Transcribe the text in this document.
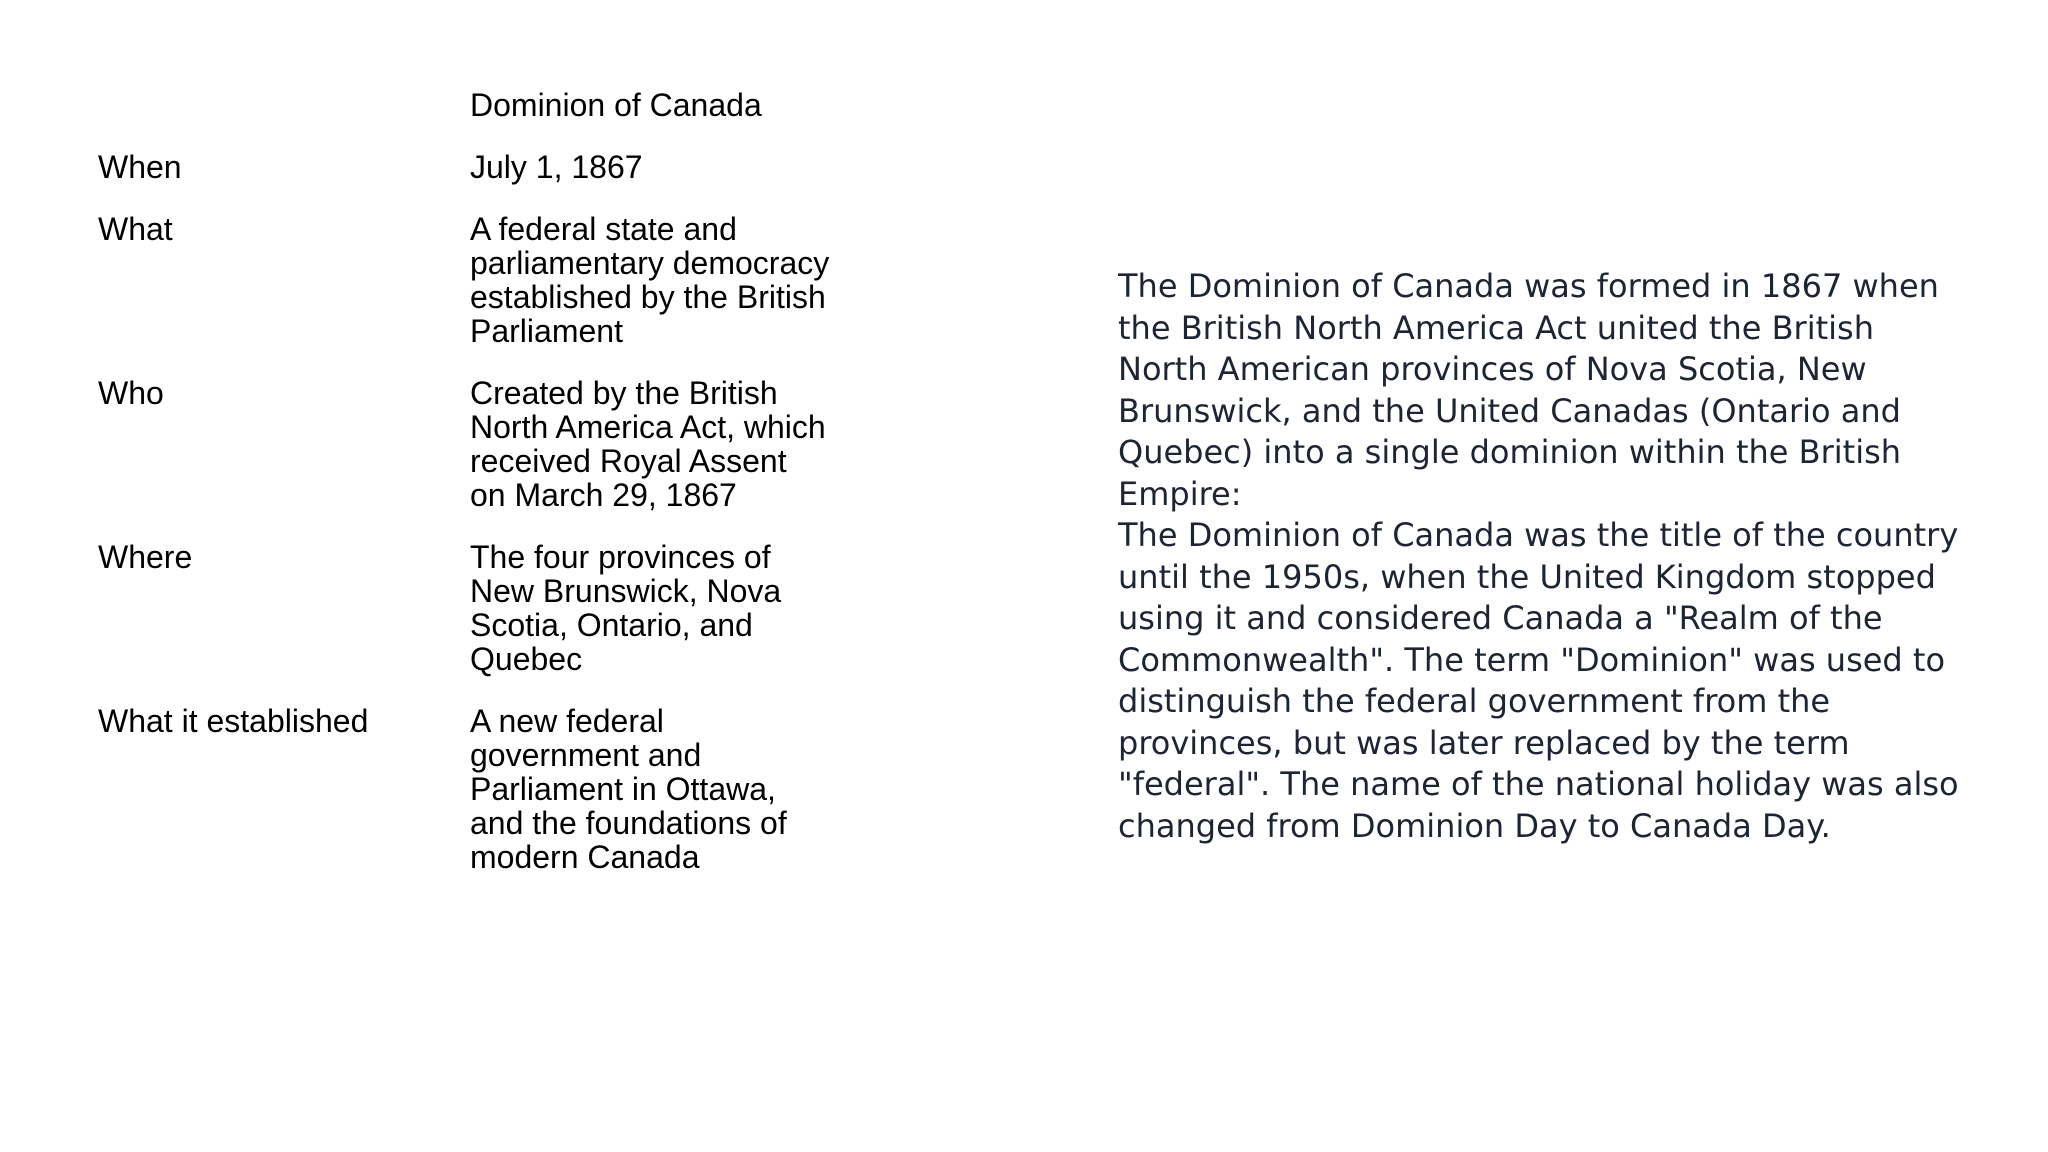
	Dominion of Canada
When	July 1, 1867
What	A federal state and parliamentary democracy established by the British Parliament
Who	Created by the British North America Act, which received Royal Assent on March 29, 1867
Where	The four provinces of New Brunswick, Nova Scotia, Ontario, and Quebec
What it established	A new federal government and Parliament in Ottawa, and the foundations of modern Canada

The Dominion of Canada was formed in 1867 when the British North America Act united the British North American provinces of Nova Scotia, New Brunswick, and the United Canadas (Ontario and Quebec) into a single dominion within the British Empire:

The Dominion of Canada was the title of the country until the 1950s, when the United Kingdom stopped using it and considered Canada a "Realm of the Commonwealth". The term "Dominion" was used to distinguish the federal government from the provinces, but was later replaced by the term "federal". The name of the national holiday was also changed from Dominion Day to Canada Day.
